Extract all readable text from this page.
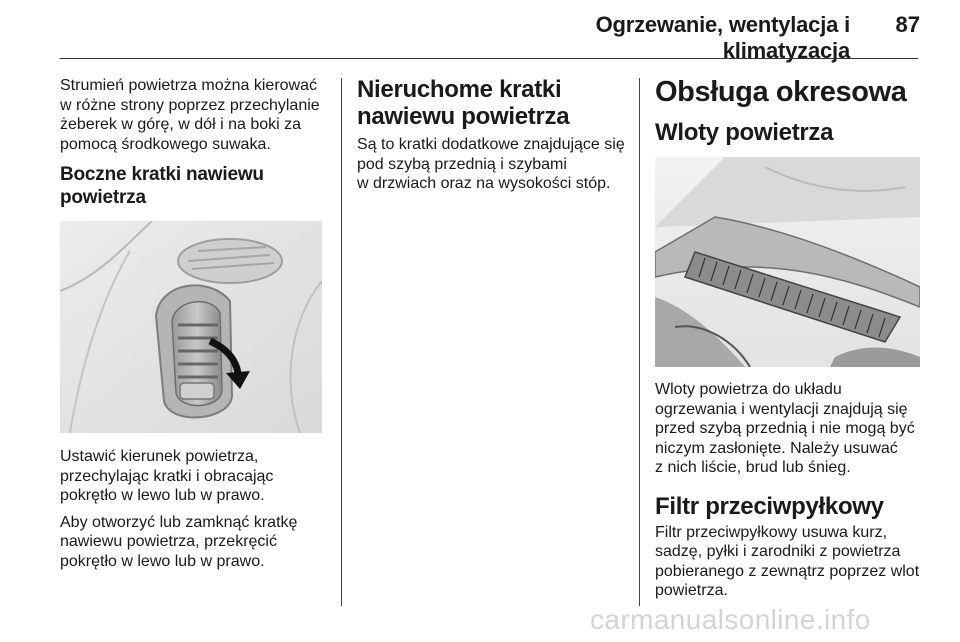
Ogrzewanie, wentylacja i klimatyzacja
87

Strumień powietrza można kierować
w różne strony poprzez przechylanie
żeberek w górę, w dół i na boki za
pomocą środkowego suwaka.

Boczne kratki nawiewu
powietrza

Ustawić kierunek powietrza,
przechylając kratki i obracając
pokrętło w lewo lub w prawo.

Aby otworzyć lub zamknąć kratkę
nawiewu powietrza, przekręcić
pokrętło w lewo lub w prawo.

Nieruchome kratki
nawiewu powietrza

Są to kratki dodatkowe znajdujące się
pod szybą przednią i szybami
w drzwiach oraz na wysokości stóp.

Obsługa okresowa
Wloty powietrza

Wloty powietrza do układu
ogrzewania i wentylacji znajdują się
przed szybą przednią i nie mogą być
niczym zasłonięte. Należy usuwać
z nich liście, brud lub śnieg.

Filtr przeciwpyłkowy

Filtr przeciwpyłkowy usuwa kurz,
sadzę, pyłki i zarodniki z powietrza
pobieranego z zewnątrz poprzez wlot
powietrza.

carmanualsonline.info
